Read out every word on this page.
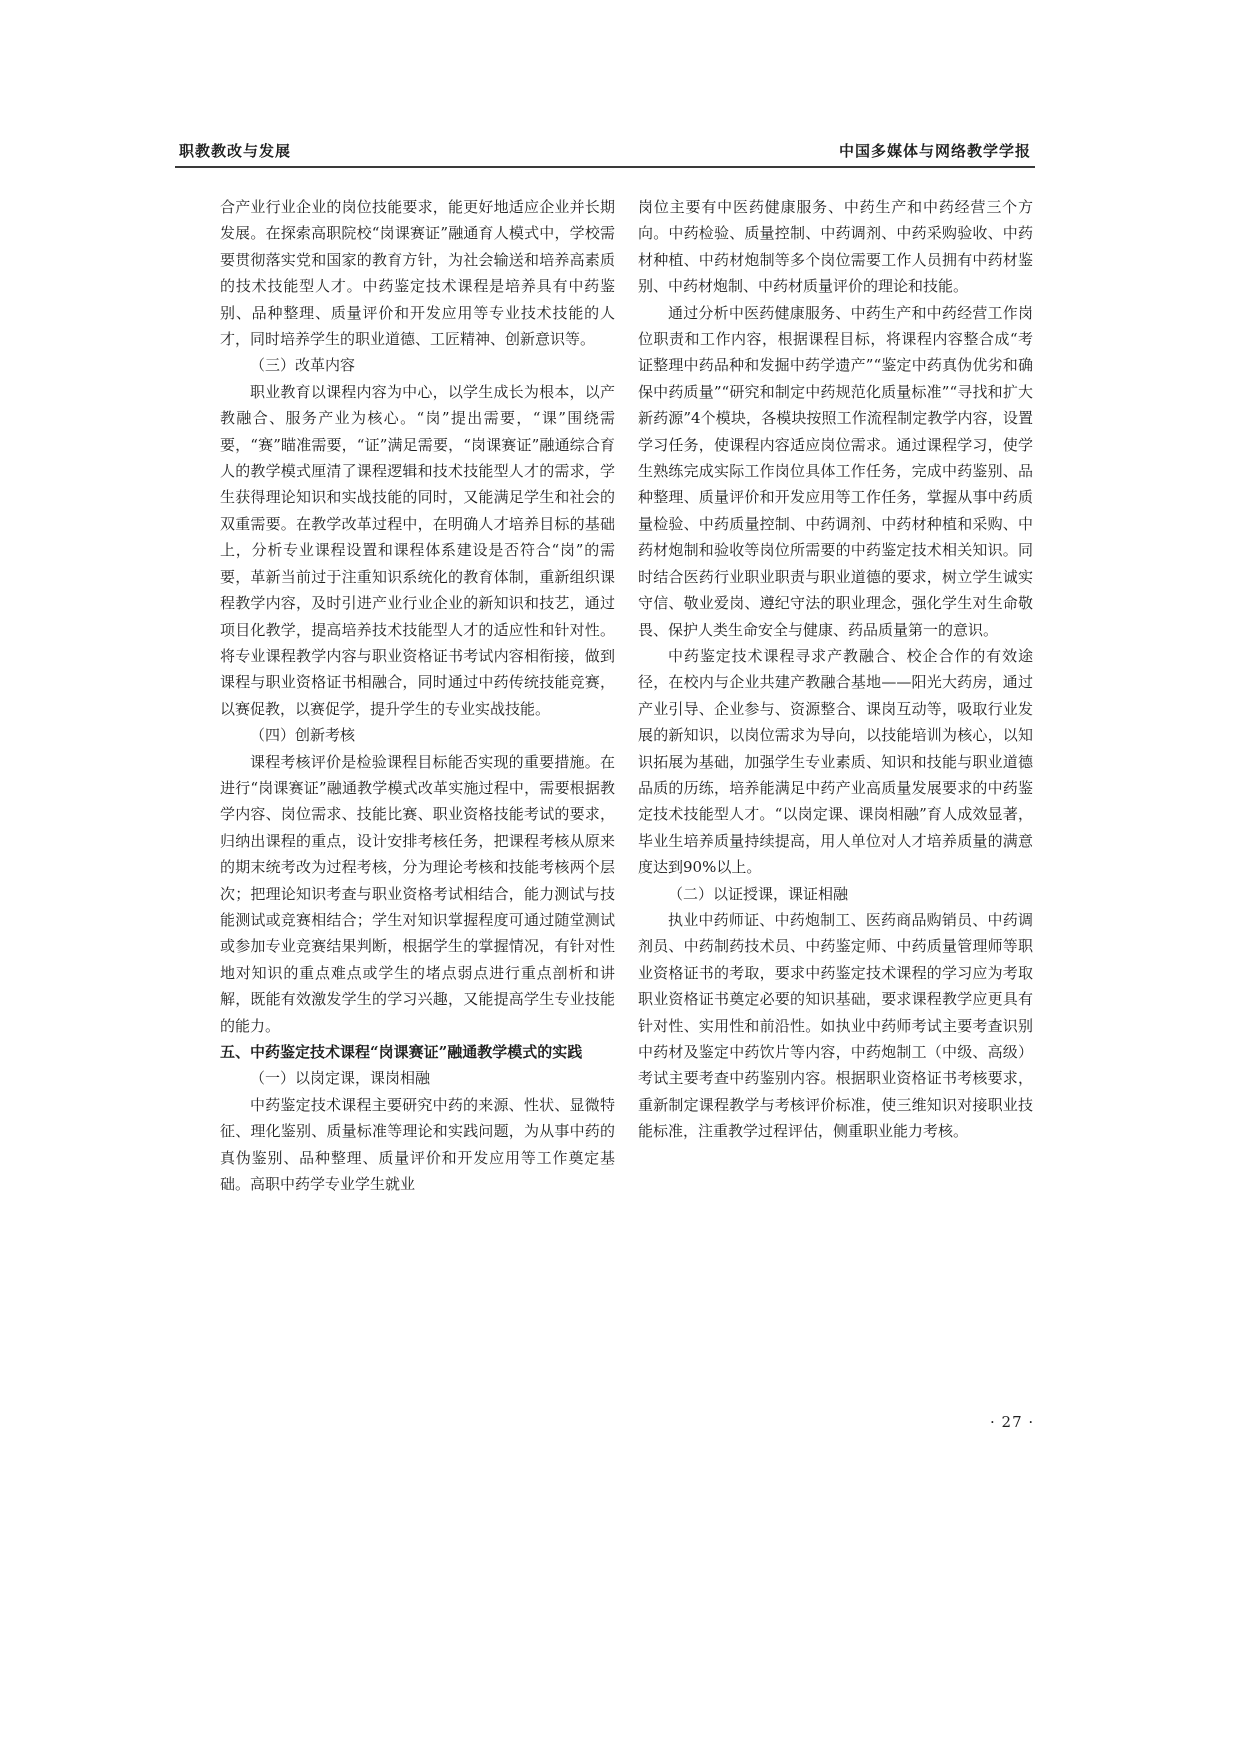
职教教改与发展	中国多媒体与网络教学学报

合产业行业企业的岗位技能要求，能更好地适应企业并长期发展。在探索高职院校“岗课赛证”融通育人模式中，学校需要贯彻落实党和国家的教育方针，为社会输送和培养高素质的技术技能型人才。中药鉴定技术课程是培养具有中药鉴别、品种整理、质量评价和开发应用等专业技术技能的人才，同时培养学生的职业道德、工匠精神、创新意识等。

（三）改革内容

职业教育以课程内容为中心，以学生成长为根本，以产教融合、服务产业为核心。“岗”提出需要，“课”围绕需要，“赛”瞄准需要，“证”满足需要，“岗课赛证”融通综合育人的教学模式厘清了课程逻辑和技术技能型人才的需求，学生获得理论知识和实战技能的同时，又能满足学生和社会的双重需要。在教学改革过程中，在明确人才培养目标的基础上，分析专业课程设置和课程体系建设是否符合“岗”的需要，革新当前过于注重知识系统化的教育体制，重新组织课程教学内容，及时引进产业行业企业的新知识和技艺，通过项目化教学，提高培养技术技能型人才的适应性和针对性。将专业课程教学内容与职业资格证书考试内容相衔接，做到课程与职业资格证书相融合，同时通过中药传统技能竞赛，以赛促教，以赛促学，提升学生的专业实战技能。

（四）创新考核

课程考核评价是检验课程目标能否实现的重要措施。在进行“岗课赛证”融通教学模式改革实施过程中，需要根据教学内容、岗位需求、技能比赛、职业资格技能考试的要求，归纳出课程的重点，设计安排考核任务，把课程考核从原来的期末统考改为过程考核，分为理论考核和技能考核两个层次；把理论知识考查与职业资格考试相结合，能力测试与技能测试或竞赛相结合；学生对知识掌握程度可通过随堂测试或参加专业竞赛结果判断，根据学生的掌握情况，有针对性地对知识的重点难点或学生的堵点弱点进行重点剖析和讲解，既能有效激发学生的学习兴趣，又能提高学生专业技能的能力。

五、中药鉴定技术课程“岗课赛证”融通教学模式的实践

（一）以岗定课，课岗相融

中药鉴定技术课程主要研究中药的来源、性状、显微特征、理化鉴别、质量标准等理论和实践问题，为从事中药的真伪鉴别、品种整理、质量评价和开发应用等工作奠定基础。高职中药学专业学生就业

岗位主要有中医药健康服务、中药生产和中药经营三个方向。中药检验、质量控制、中药调剂、中药采购验收、中药材种植、中药材炮制等多个岗位需要工作人员拥有中药材鉴别、中药材炮制、中药材质量评价的理论和技能。

通过分析中医药健康服务、中药生产和中药经营工作岗位职责和工作内容，根据课程目标，将课程内容整合成“考证整理中药品种和发掘中药学遗产”“鉴定中药真伪优劣和确保中药质量”“研究和制定中药规范化质量标准”“寻找和扩大新药源”4个模块，各模块按照工作流程制定教学内容，设置学习任务，使课程内容适应岗位需求。通过课程学习，使学生熟练完成实际工作岗位具体工作任务，完成中药鉴别、品种整理、质量评价和开发应用等工作任务，掌握从事中药质量检验、中药质量控制、中药调剂、中药材种植和采购、中药材炮制和验收等岗位所需要的中药鉴定技术相关知识。同时结合医药行业职业职责与职业道德的要求，树立学生诚实守信、敬业爱岗、遵纪守法的职业理念，强化学生对生命敬畏、保护人类生命安全与健康、药品质量第一的意识。

中药鉴定技术课程寻求产教融合、校企合作的有效途径，在校内与企业共建产教融合基地——阳光大药房，通过产业引导、企业参与、资源整合、课岗互动等，吸取行业发展的新知识，以岗位需求为导向，以技能培训为核心，以知识拓展为基础，加强学生专业素质、知识和技能与职业道德品质的历练，培养能满足中药产业高质量发展要求的中药鉴定技术技能型人才。“以岗定课、课岗相融”育人成效显著，毕业生培养质量持续提高，用人单位对人才培养质量的满意度达到90%以上。

（二）以证授课，课证相融

执业中药师证、中药炮制工、医药商品购销员、中药调剂员、中药制药技术员、中药鉴定师、中药质量管理师等职业资格证书的考取，要求中药鉴定技术课程的学习应为考取职业资格证书奠定必要的知识基础，要求课程教学应更具有针对性、实用性和前沿性。如执业中药师考试主要考查识别中药材及鉴定中药饮片等内容，中药炮制工（中级、高级）考试主要考查中药鉴别内容。根据职业资格证书考核要求，重新制定课程教学与考核评价标准，使三维知识对接职业技能标准，注重教学过程评估，侧重职业能力考核。

· 27 ·
